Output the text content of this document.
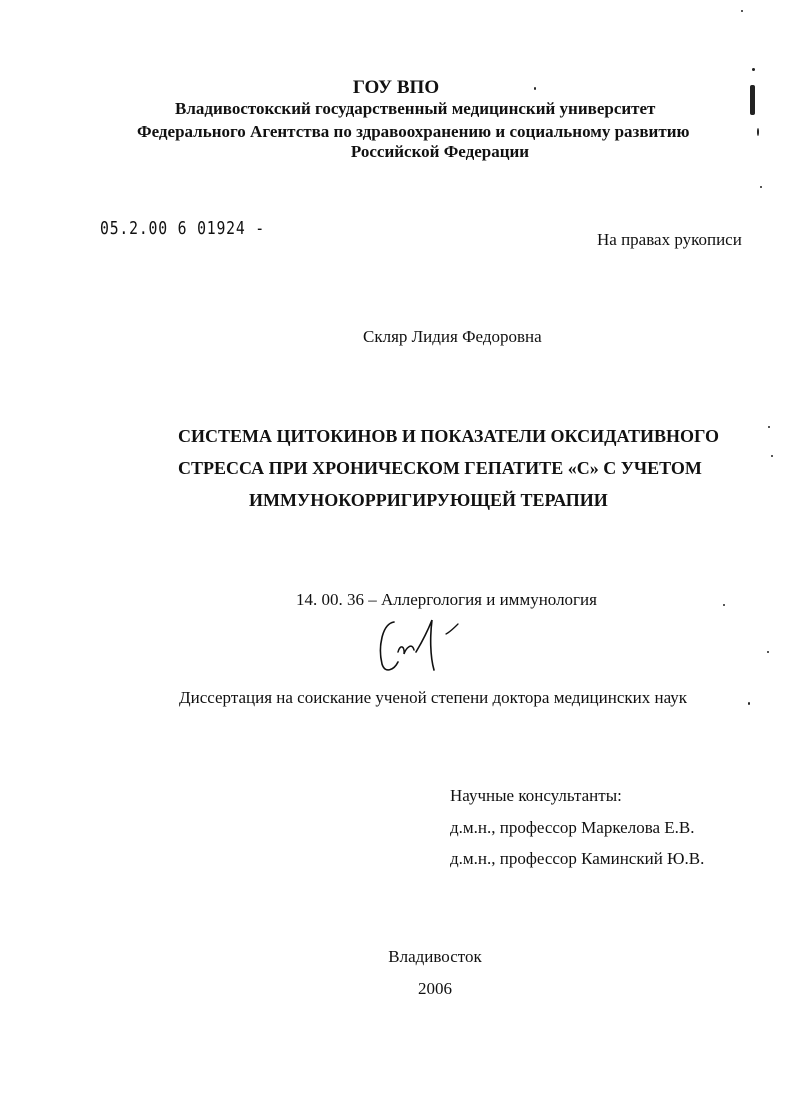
ГОУ ВПО
Владивостокский государственный медицинский университет
Федерального Агентства по здравоохранению и социальному развитию
Российской Федерации
05.2.00 6 01924 -
На правах рукописи
Скляр Лидия Федоровна
СИСТЕМА ЦИТОКИНОВ И ПОКАЗАТЕЛИ ОКСИДАТИВНОГО
СТРЕССА ПРИ ХРОНИЧЕСКОМ ГЕПАТИТЕ «С» С УЧЕТОМ
ИММУНОКОРРИГИРУЮЩЕЙ ТЕРАПИИ
14. 00. 36 – Аллергология и иммунология
Диссертация на соискание ученой степени доктора медицинских наук
Научные консультанты:
д.м.н., профессор Маркелова Е.В.
д.м.н., профессор Каминский Ю.В.
Владивосток
2006
